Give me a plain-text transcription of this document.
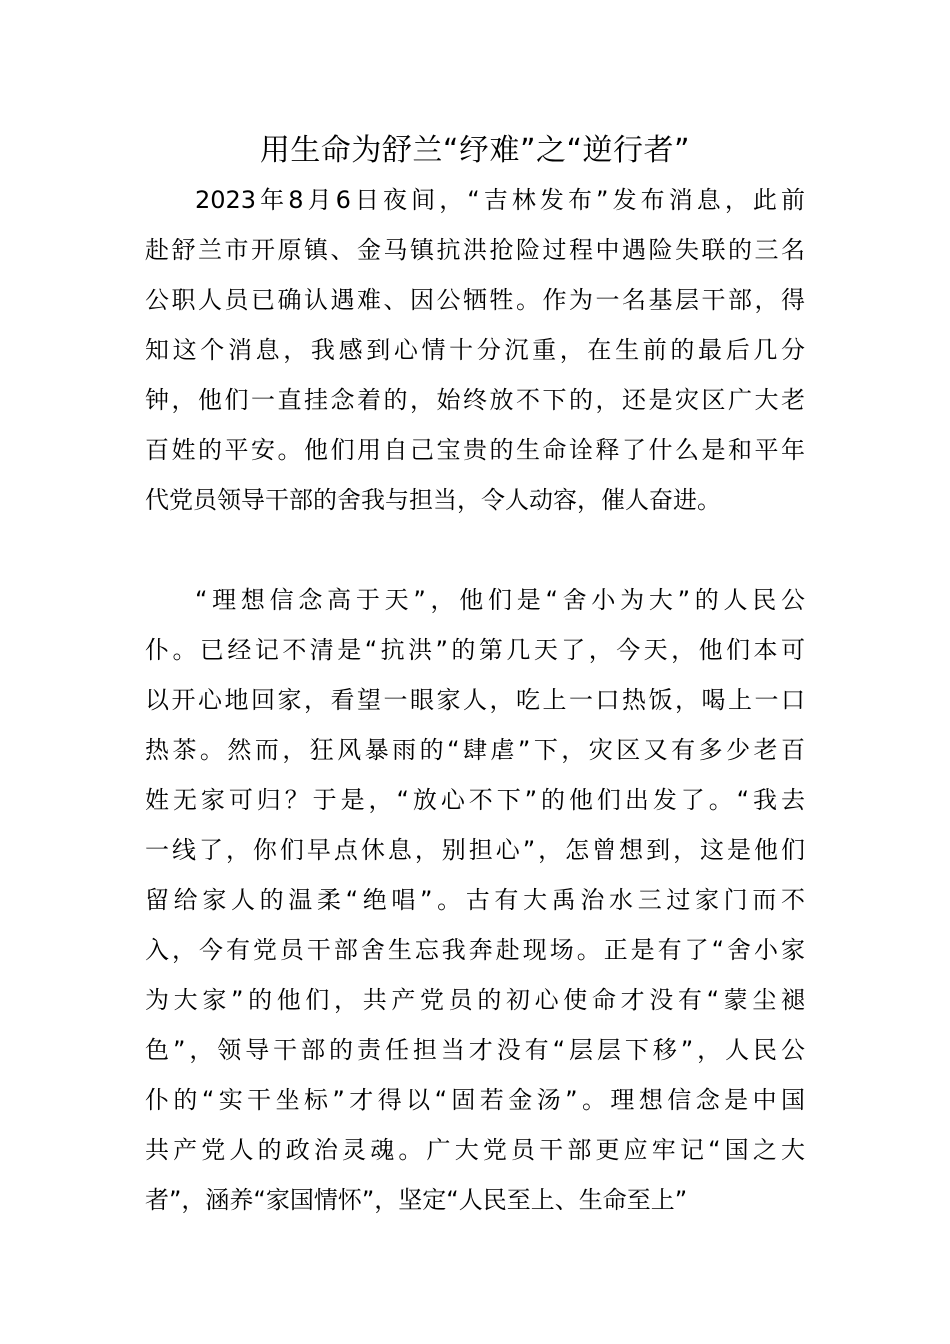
用生命为舒兰“纾难”之“逆行者”
2023年8月6日夜间，“吉林发布”发布消息，此前
赴舒兰市开原镇、金马镇抗洪抢险过程中遇险失联的三名
公职人员已确认遇难、因公牺牲。作为一名基层干部，得
知这个消息，我感到心情十分沉重，在生前的最后几分
钟，他们一直挂念着的，始终放不下的，还是灾区广大老
百姓的平安。他们用自己宝贵的生命诠释了什么是和平年
代党员领导干部的舍我与担当，令人动容，催人奋进。
“理想信念高于天”，他们是“舍小为大”的人民公
仆。已经记不清是“抗洪”的第几天了，今天，他们本可
以开心地回家，看望一眼家人，吃上一口热饭，喝上一口
热茶。然而，狂风暴雨的“肆虐”下，灾区又有多少老百
姓无家可归？于是，“放心不下”的他们出发了。“我去
一线了，你们早点休息，别担心”，怎曾想到，这是他们
留给家人的温柔“绝唱”。古有大禹治水三过家门而不
入，今有党员干部舍生忘我奔赴现场。正是有了“舍小家
为大家”的他们，共产党员的初心使命才没有“蒙尘褪
色”，领导干部的责任担当才没有“层层下移”，人民公
仆的“实干坐标”才得以“固若金汤”。理想信念是中国
共产党人的政治灵魂。广大党员干部更应牢记“国之大
者”，涵养“家国情怀”，坚定“人民至上、生命至上”
